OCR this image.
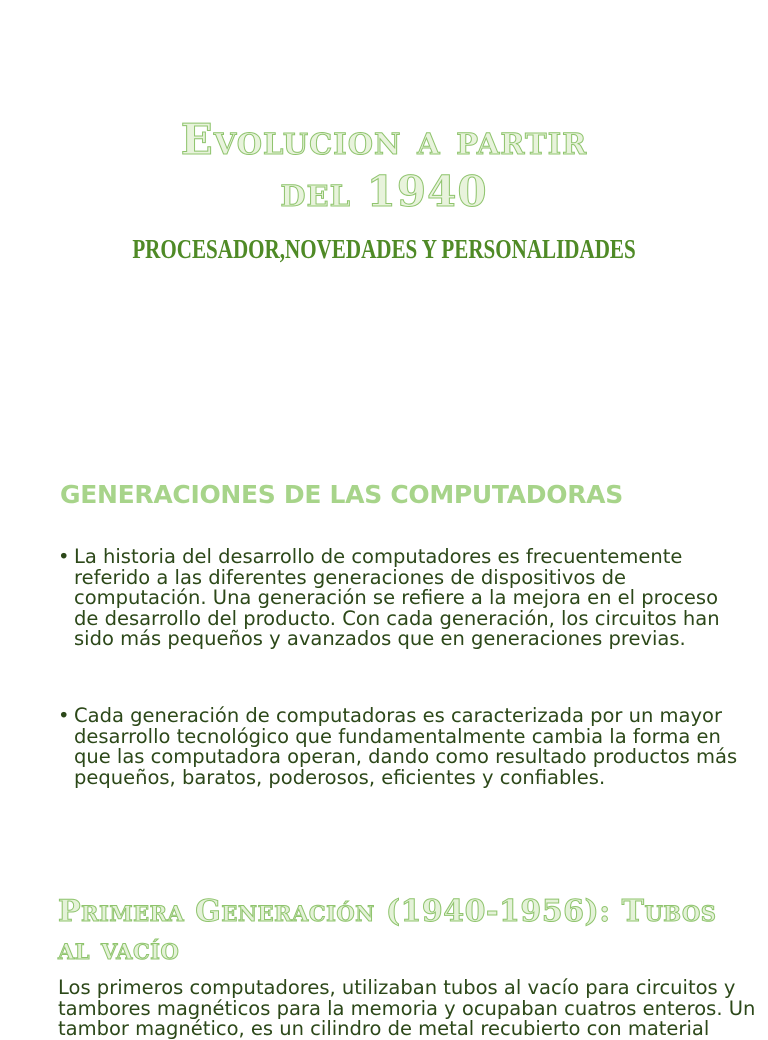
Evolucion a partir
del 1940
PROCESADOR,NOVEDADES Y PERSONALIDADES
GENERACIONES DE LAS COMPUTADORAS
• La historia del desarrollo de computadores es frecuentemente referido a las diferentes generaciones de dispositivos de computación. Una generación se refiere a la mejora en el proceso de desarrollo del producto. Con cada generación, los circuitos han sido más pequeños y avanzados que en generaciones previas.
• Cada generación de computadoras es caracterizada por un mayor desarrollo tecnológico que fundamentalmente cambia la forma en que las computadora operan, dando como resultado productos más pequeños, baratos, poderosos, eficientes y confiables.
Primera Generación (1940-1956): Tubos al vacío

Los primeros computadores, utilizaban tubos al vacío para circuitos y tambores magnéticos para la memoria y ocupaban cuatros enteros. Un tambor magnético, es un cilindro de metal recubierto con material
